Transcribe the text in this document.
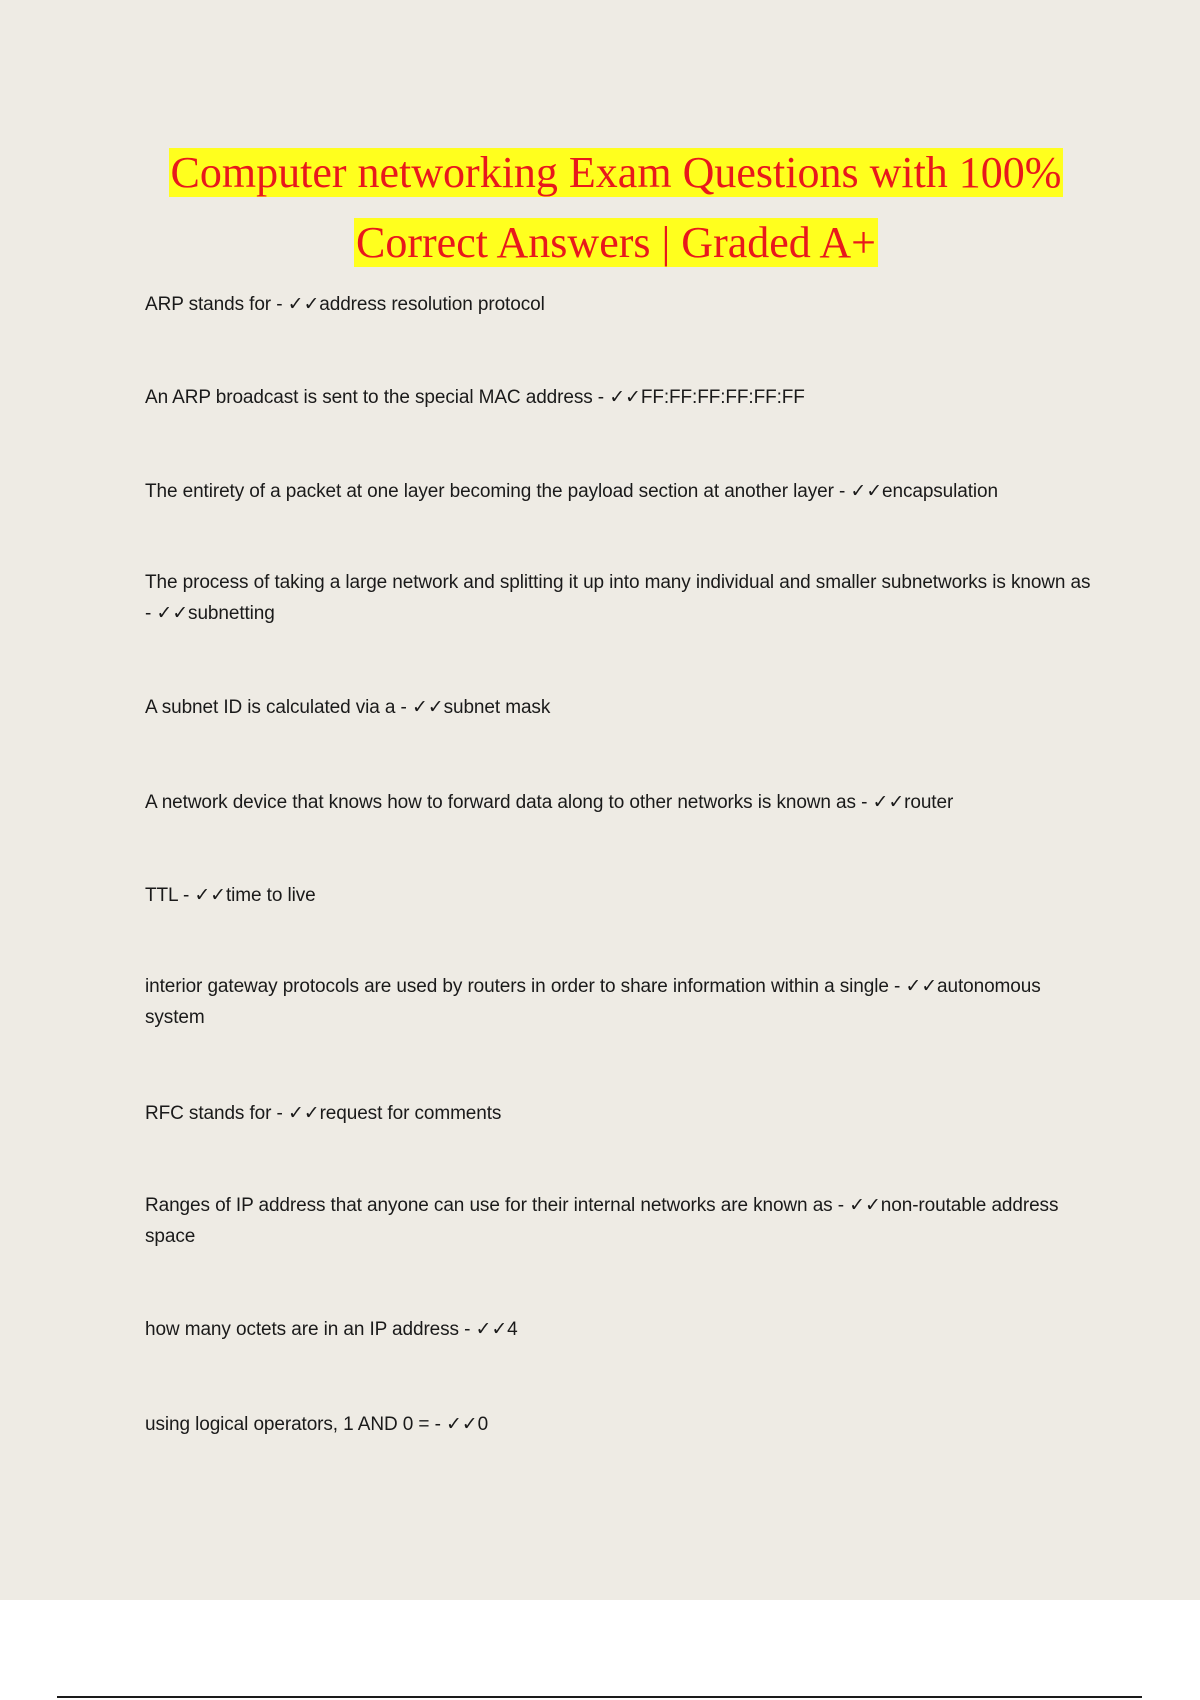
Computer networking Exam Questions with 100%
Correct Answers | Graded A+
ARP stands for - ✓✓address resolution protocol
An ARP broadcast is sent to the special MAC address - ✓✓FF:FF:FF:FF:FF:FF
The entirety of a packet at one layer becoming the payload section at another layer - ✓✓encapsulation
The process of taking a large network and splitting it up into many individual and smaller subnetworks is known as - ✓✓subnetting
A subnet ID is calculated via a - ✓✓subnet mask
A network device that knows how to forward data along to other networks is known as - ✓✓router
TTL - ✓✓time to live
interior gateway protocols are used by routers in order to share information within a single - ✓✓autonomous system
RFC stands for - ✓✓request for comments
Ranges of IP address that anyone can use for their internal networks are known as - ✓✓non-routable address space
how many octets are in an IP address - ✓✓4
using logical operators, 1 AND 0 = - ✓✓0
